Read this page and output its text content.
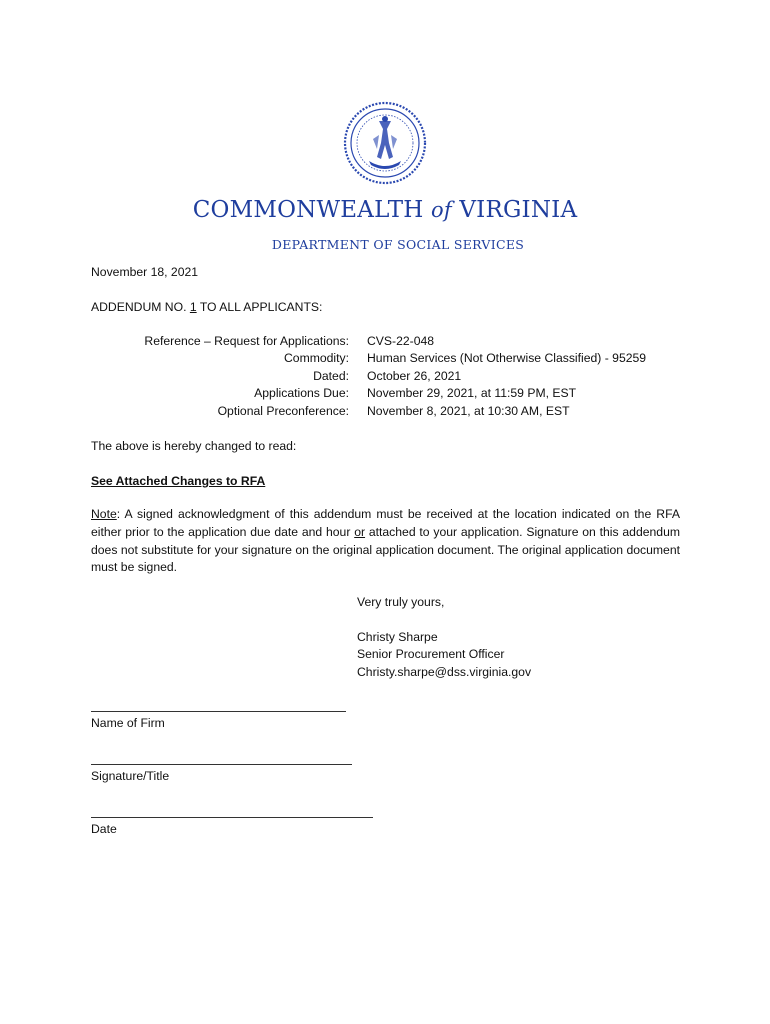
COMMONWEALTH of VIRGINIA
DEPARTMENT OF SOCIAL SERVICES
November 18, 2021
ADDENDUM NO. 1 TO ALL APPLICANTS:
Reference – Request for Applications: CVS-22-048
Commodity: Human Services (Not Otherwise Classified) - 95259
Dated: October 26, 2021
Applications Due: November 29, 2021, at 11:59 PM, EST
Optional Preconference: November 8, 2021, at 10:30 AM, EST
The above is hereby changed to read:
See Attached Changes to RFA
Note: A signed acknowledgment of this addendum must be received at the location indicated on the RFA either prior to the application due date and hour or attached to your application. Signature on this addendum does not substitute for your signature on the original application document. The original application document must be signed.
Very truly yours,
Christy Sharpe
Senior Procurement Officer
Christy.sharpe@dss.virginia.gov
Name of Firm
Signature/Title
Date
